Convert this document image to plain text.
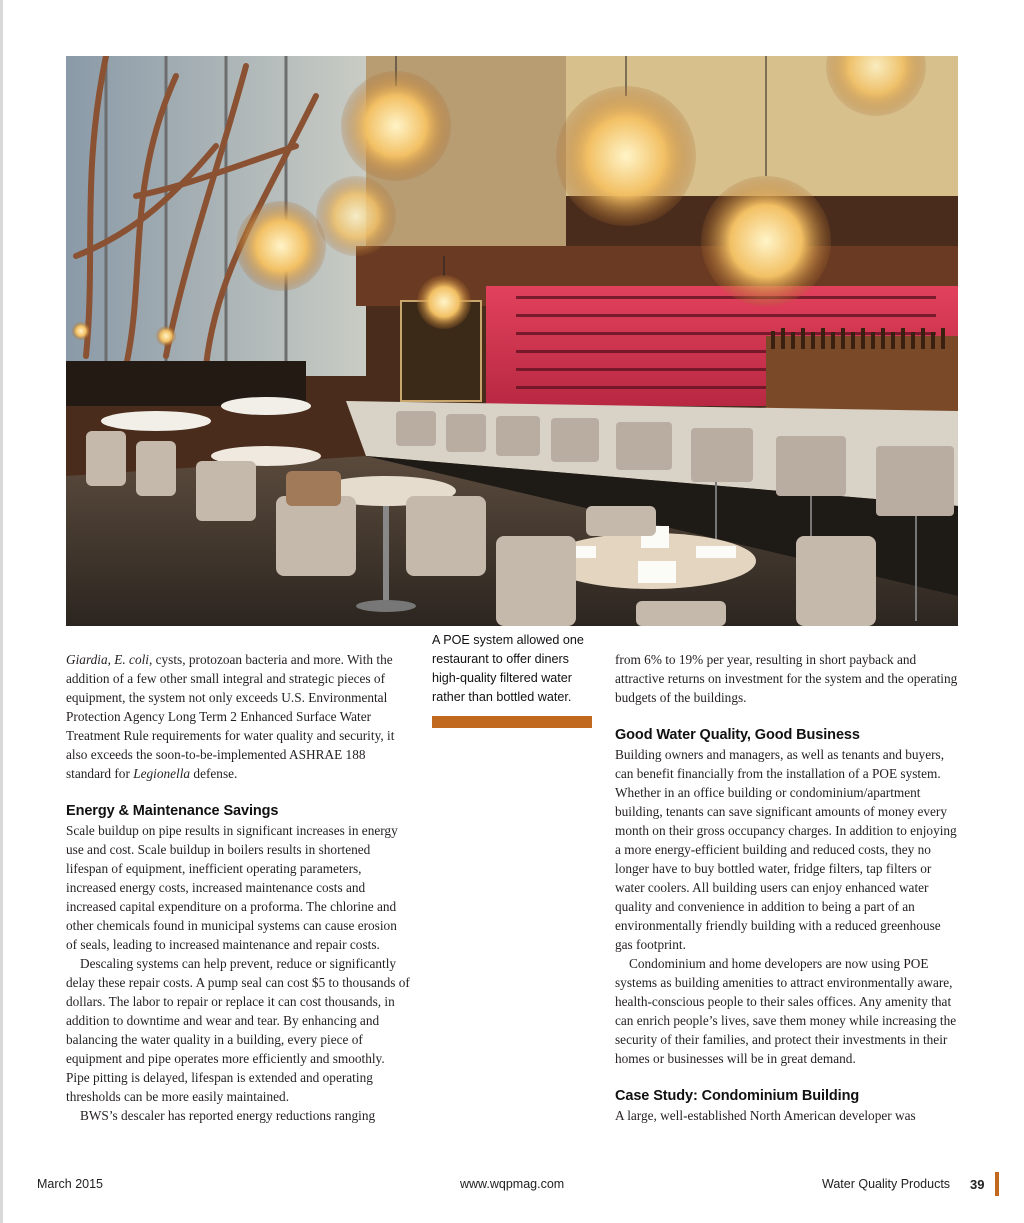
Giardia, E. coli, cysts, protozoan bacteria and more. With the addition of a few other small integral and strategic pieces of equipment, the system not only exceeds U.S. Environmental Protection Agency Long Term 2 Enhanced Surface Water Treatment Rule requirements for water quality and security, it also exceeds the soon-to-be-implemented ASHRAE 188 standard for Legionella defense.

Energy & Maintenance Savings

Scale buildup on pipe results in significant increases in energy use and cost. Scale buildup in boilers results in shortened lifespan of equipment, inefficient operating parameters, increased energy costs, increased maintenance costs and increased capital expenditure on a proforma. The chlorine and other chemicals found in municipal systems can cause erosion of seals, leading to increased maintenance and repair costs.

Descaling systems can help prevent, reduce or significantly delay these repair costs. A pump seal can cost $5 to thousands of dollars. The labor to repair or replace it can cost thousands, in addition to downtime and wear and tear. By enhancing and balancing the water quality in a building, every piece of equipment and pipe operates more efficiently and smoothly. Pipe pitting is delayed, lifespan is extended and operating thresholds can be more easily maintained.

BWS’s descaler has reported energy reductions ranging

A POE system allowed one restaurant to offer diners high-quality filtered water rather than bottled water.

from 6% to 19% per year, resulting in short payback and attractive returns on investment for the system and the operating budgets of the buildings.

Good Water Quality, Good Business

Building owners and managers, as well as tenants and buyers, can benefit financially from the installation of a POE system. Whether in an office building or condominium/apartment building, tenants can save significant amounts of money every month on their gross occupancy charges. In addition to enjoying a more energy-efficient building and reduced costs, they no longer have to buy bottled water, fridge filters, tap filters or water coolers. All building users can enjoy enhanced water quality and convenience in addition to being a part of an environmentally friendly building with a reduced greenhouse gas footprint.

Condominium and home developers are now using POE systems as building amenities to attract environmentally aware, health-conscious people to their sales offices. Any amenity that can enrich people’s lives, save them money while increasing the security of their families, and protect their investments in their homes or businesses will be in great demand.

Case Study: Condominium Building

A large, well-established North American developer was

March 2015	www.wqpmag.com	Water Quality Products 39
